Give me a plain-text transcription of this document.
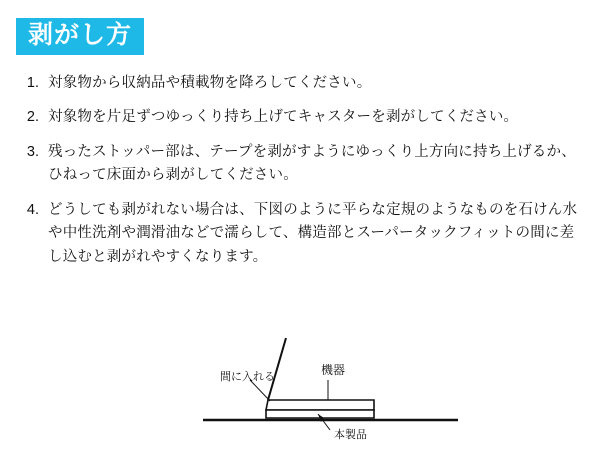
剥がし方
1. 対象物から収納品や積載物を降ろしてください。
2. 対象物を片足ずつゆっくり持ち上げてキャスターを剥がしてください。
3. 残ったストッパー部は、テープを剥がすようにゆっくり上方向に持ち上げるか、ひねって床面から剥がしてください。
4. どうしても剥がれない場合は、下図のように平らな定規のようなものを石けん水や中性洗剤や潤滑油などで濡らして、構造部とスーパータックフィットの間に差し込むと剥がれやすくなります。
間に入れる	機器
本製品
